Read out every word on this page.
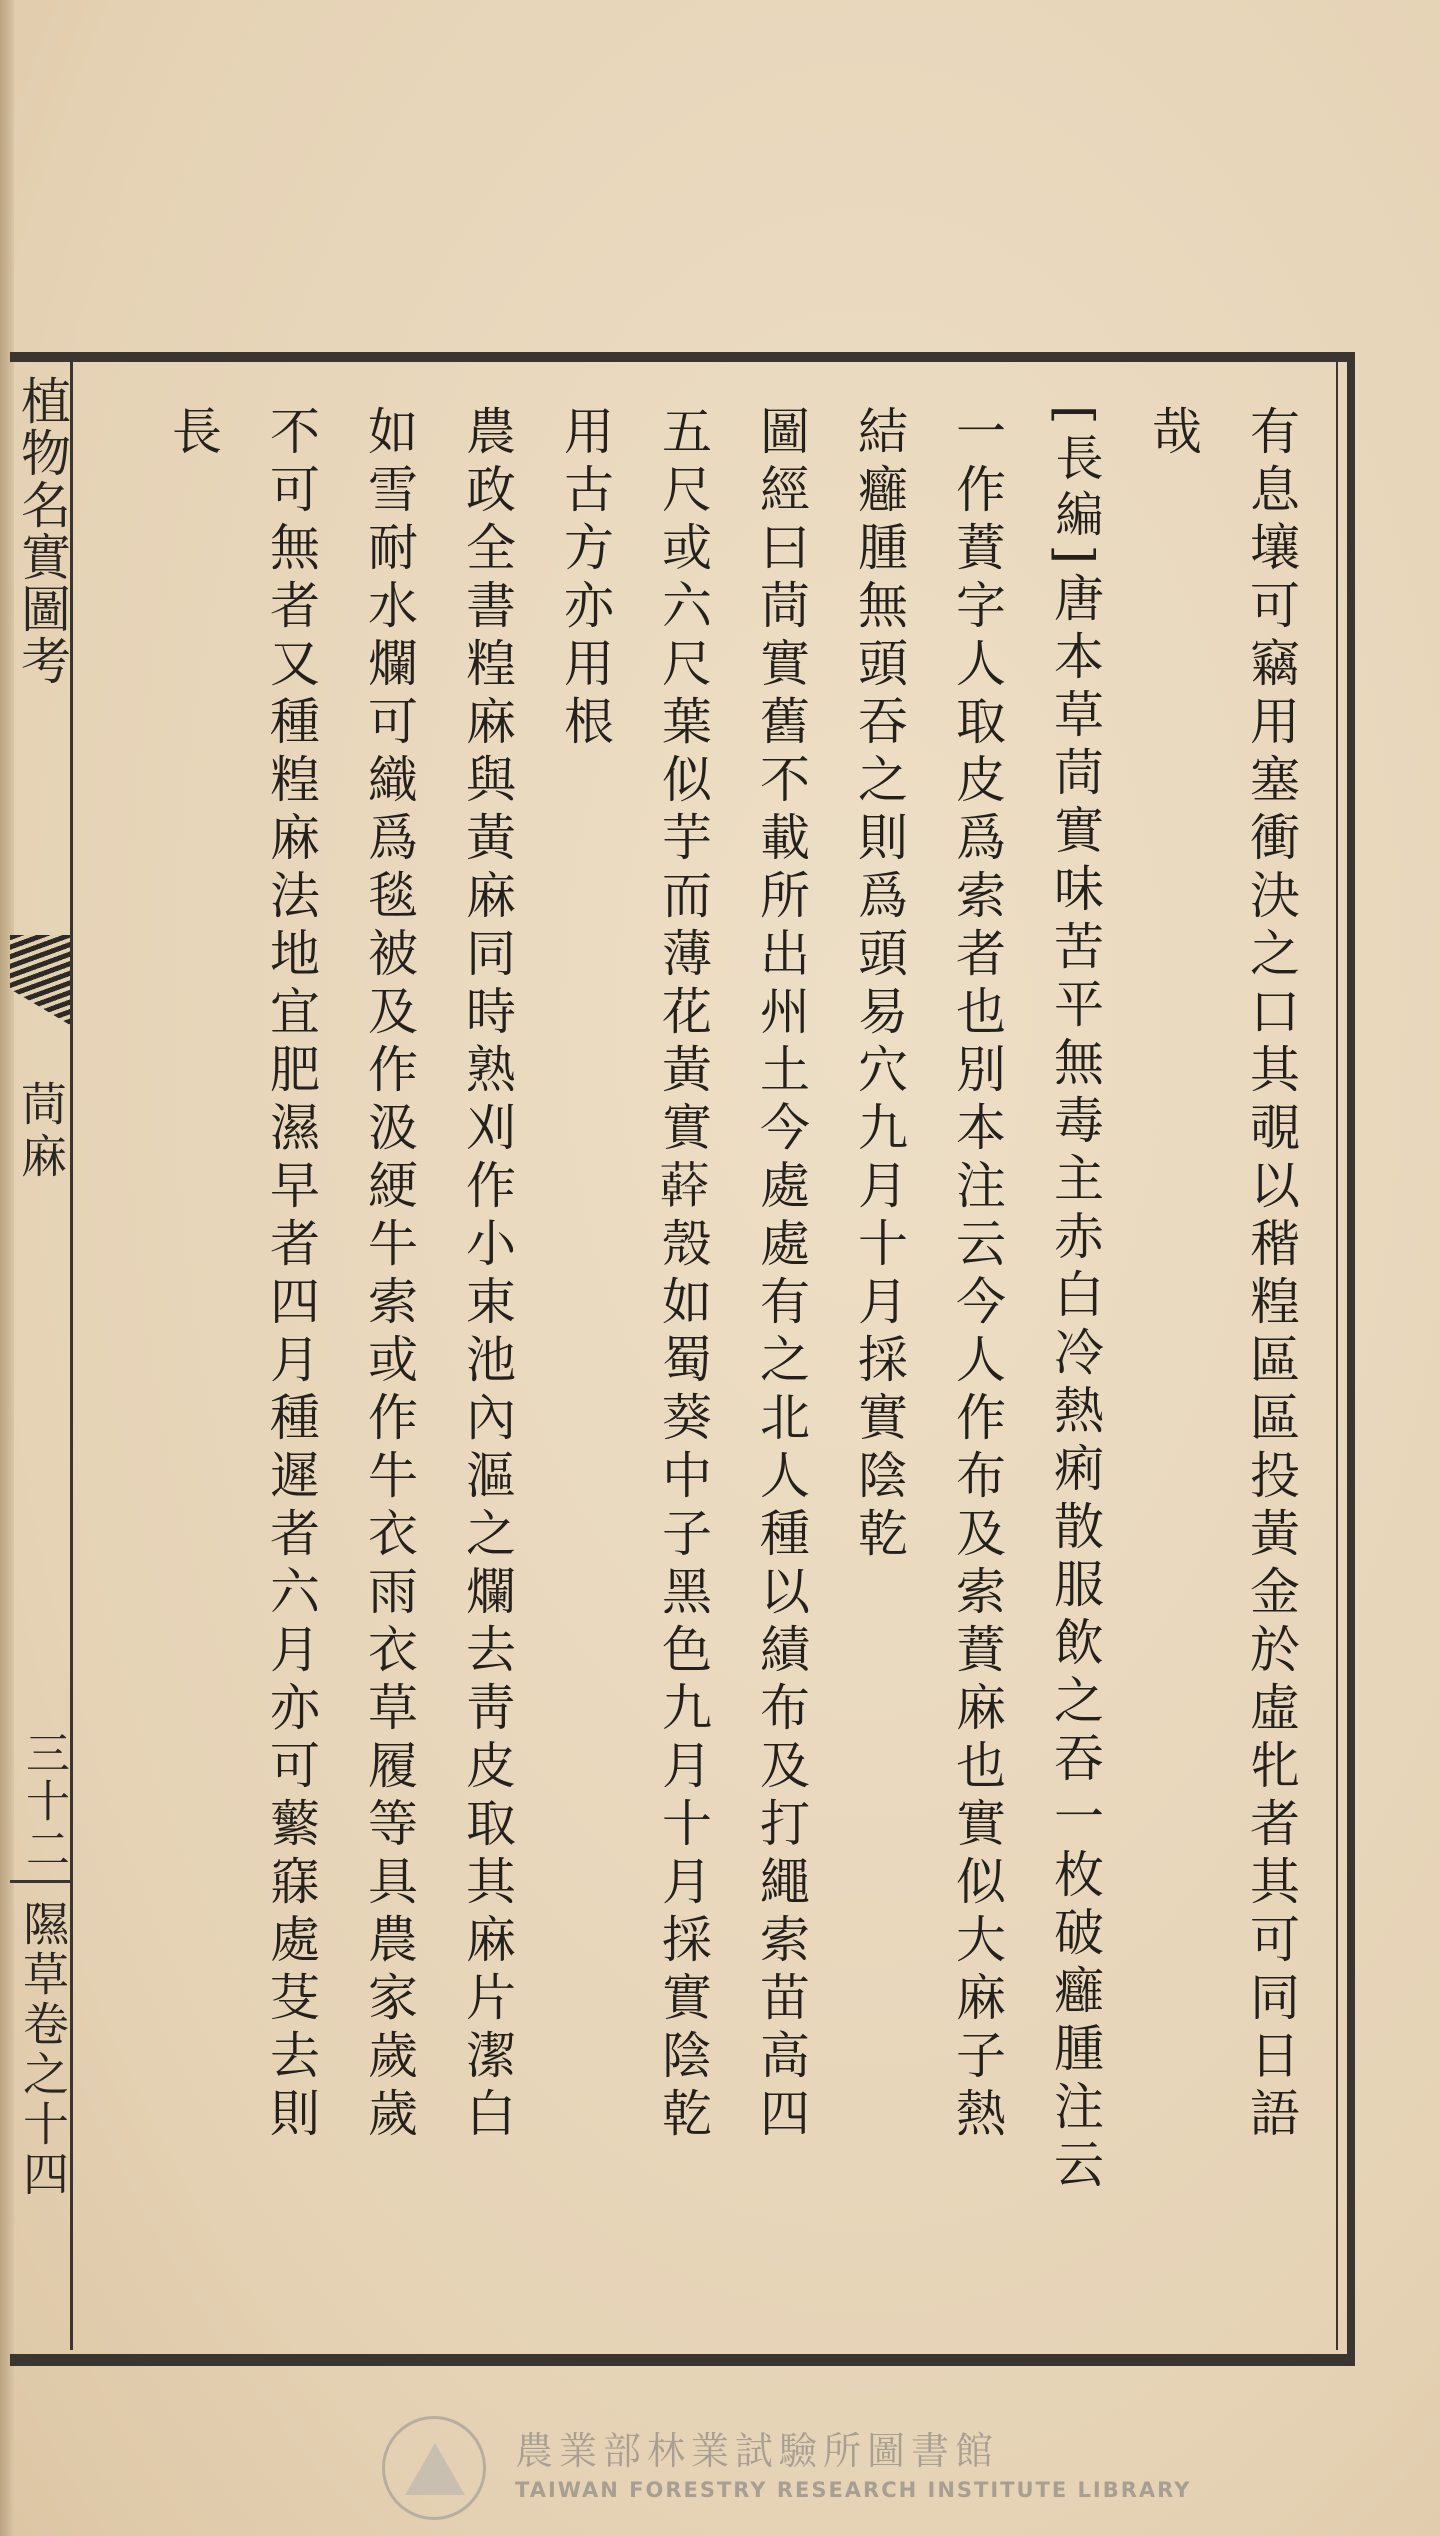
植物名實圖考
茼麻
三十二
隰草卷之十四	有息壤可竊用塞衝決之口其覗以稭䊗區區投黃金於虛牝者其可同日語

哉

[長編]唐本草茼實味苦平無毒主赤白冷熱痢散服飲之吞一枚破癰腫注云

一作蕡字人取皮爲索者也別本注云今人作布及索蕡麻也實似大麻子熱

結癰腫無頭吞之則爲頭易穴九月十月採實陰乾

圖經曰茼實舊不載所出州土今處處有之北人種以績布及打繩索苗高四

五尺或六尺葉似芋而薄花黃實𦼮殼如蜀葵中子黑色九月十月採實陰乾

用古方亦用根

農政全書䊗麻與黃麻同時熟刈作小束池內漚之爛去靑皮取其麻片潔白

如雪耐水爛可織爲毯被及作汲綆牛索或作牛衣雨衣草履等具農家歲歲

不可無者又種䊗麻法地宜肥濕早者四月種遲者六月亦可蘩𥧌處芟去則

長

農業部林業試驗所圖書館
TAIWAN FORESTRY RESEARCH INSTITUTE LIBRARY
